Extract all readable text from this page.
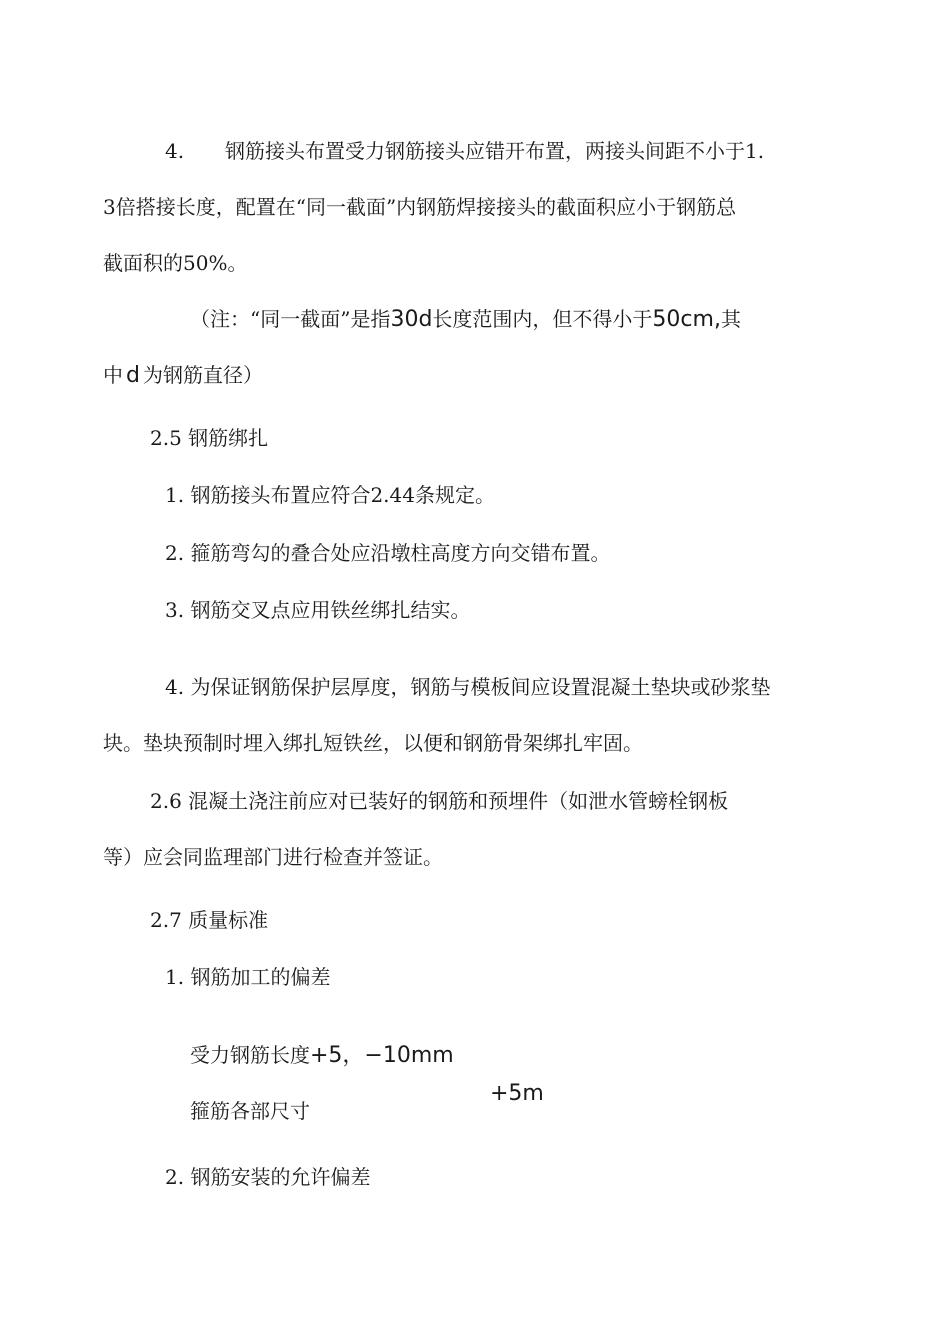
4. 钢筋接头布置受力钢筋接头应错开布置，两接头间距不小于1.
3倍搭接长度，配置在“同一截面”内钢筋焊接接头的截面积应小于钢筋总
截面积的50%。
（注：“同一截面”是指30d长度范围内，但不得小于50cm,其
中 d 为钢筋直径）
2.5 钢筋绑扎
1. 钢筋接头布置应符合2.44条规定。
2. 箍筋弯勾的叠合处应沿墩柱高度方向交错布置。
3. 钢筋交叉点应用铁丝绑扎结实。
4. 为保证钢筋保护层厚度，钢筋与模板间应设置混凝土垫块或砂浆垫
块。垫块预制时埋入绑扎短铁丝，以便和钢筋骨架绑扎牢固。
2.6 混凝土浇注前应对已装好的钢筋和预埋件（如泄水管螃栓钢板
等）应会同监理部门进行检查并签证。
2.7 质量标准
1. 钢筋加工的偏差
受力钢筋长度+5，−10mm
+5m
箍筋各部尺寸
2. 钢筋安装的允许偏差
